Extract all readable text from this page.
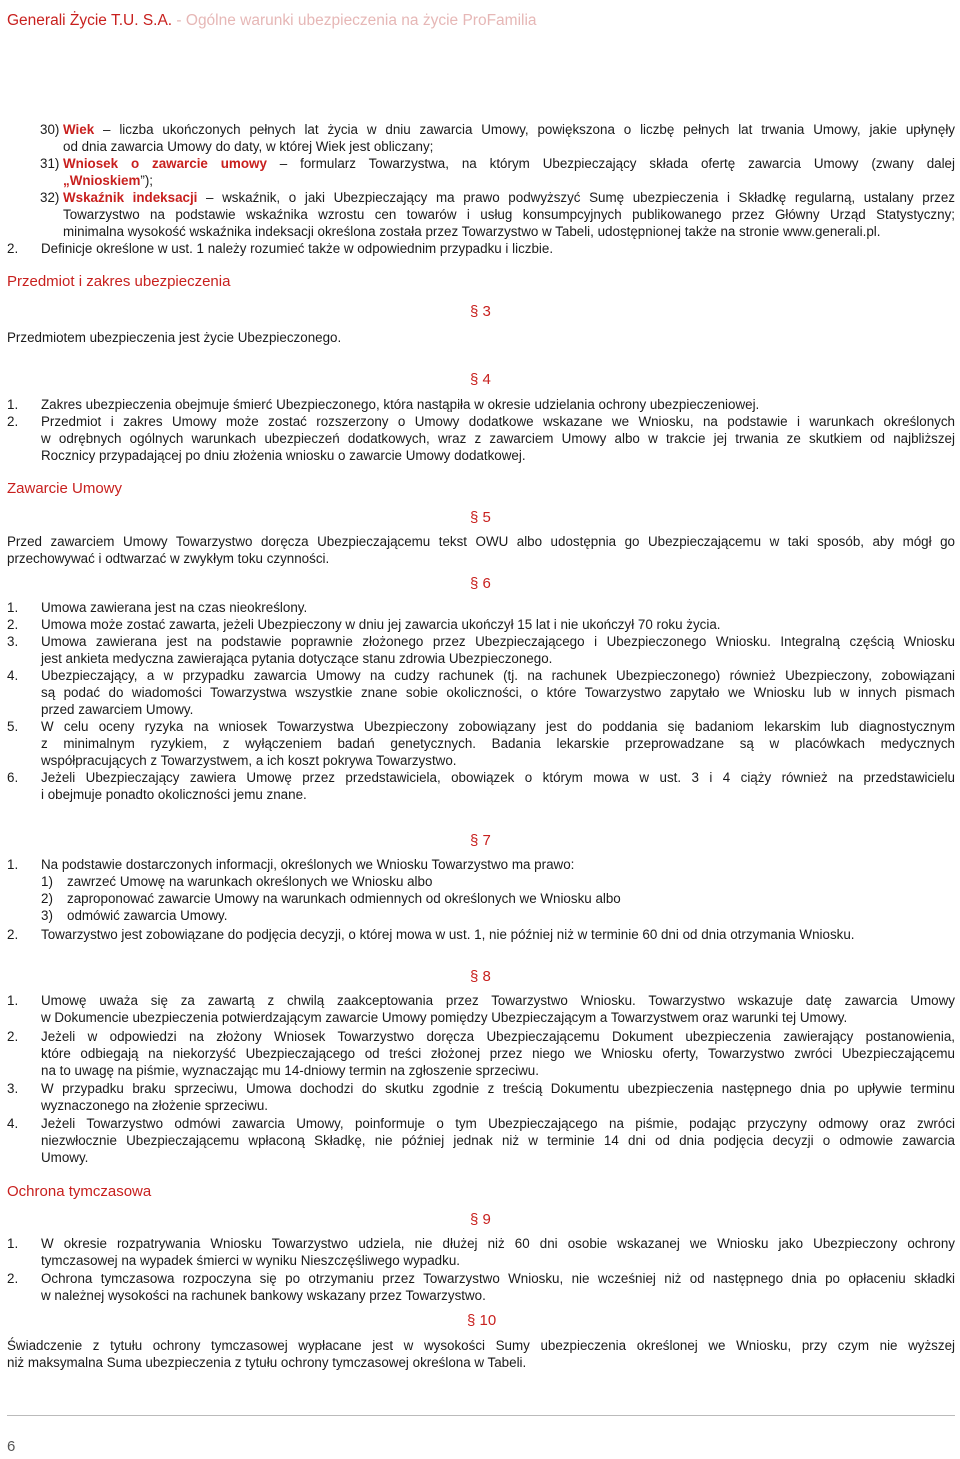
Generali Życie T.U. S.A. - Ogólne warunki ubezpieczenia na życie ProFamilia
30) Wiek – liczba ukończonych pełnych lat życia w dniu zawarcia Umowy, powiększona o liczbę pełnych lat trwania Umowy, jakie upłynęły
od dnia zawarcia Umowy do daty, w której Wiek jest obliczany;
31) Wniosek o zawarcie umowy – formularz Towarzystwa, na którym Ubezpieczający składa ofertę zawarcia Umowy (zwany dalej
„Wnioskiem”);
32) Wskaźnik indeksacji – wskaźnik, o jaki Ubezpieczający ma prawo podwyższyć Sumę ubezpieczenia i Składkę regularną, ustalany przez
Towarzystwo na podstawie wskaźnika wzrostu cen towarów i usług konsumpcyjnych publikowanego przez Główny Urząd Statystyczny;
minimalna wysokość wskaźnika indeksacji określona została przez Towarzystwo w Tabeli, udostępnionej także na stronie www.generali.pl.
2. Definicje określone w ust. 1 należy rozumieć także w odpowiednim przypadku i liczbie.
Przedmiot i zakres ubezpieczenia
§ 3
Przedmiotem ubezpieczenia jest życie Ubezpieczonego.
§ 4
1. Zakres ubezpieczenia obejmuje śmierć Ubezpieczonego, która nastąpiła w okresie udzielania ochrony ubezpieczeniowej.
2. Przedmiot i zakres Umowy może zostać rozszerzony o Umowy dodatkowe wskazane we Wniosku, na podstawie i warunkach określonych
w odrębnych ogólnych warunkach ubezpieczeń dodatkowych, wraz z zawarciem Umowy albo w trakcie jej trwania ze skutkiem od najbliższej
Rocznicy przypadającej po dniu złożenia wniosku o zawarcie Umowy dodatkowej.
Zawarcie Umowy
§ 5
Przed zawarciem Umowy Towarzystwo doręcza Ubezpieczającemu tekst OWU albo udostępnia go Ubezpieczającemu w taki sposób, aby mógł go
przechowywać i odtwarzać w zwykłym toku czynności.
§ 6
1. Umowa zawierana jest na czas nieokreślony.
2. Umowa może zostać zawarta, jeżeli Ubezpieczony w dniu jej zawarcia ukończył 15 lat i nie ukończył 70 roku życia.
3. Umowa zawierana jest na podstawie poprawnie złożonego przez Ubezpieczającego i Ubezpieczonego Wniosku. Integralną częścią Wniosku
jest ankieta medyczna zawierająca pytania dotyczące stanu zdrowia Ubezpieczonego.
4. Ubezpieczający, a w przypadku zawarcia Umowy na cudzy rachunek (tj. na rachunek Ubezpieczonego) również Ubezpieczony, zobowiązani
są podać do wiadomości Towarzystwa wszystkie znane sobie okoliczności, o które Towarzystwo zapytało we Wniosku lub w innych pismach
przed zawarciem Umowy.
5. W celu oceny ryzyka na wniosek Towarzystwa Ubezpieczony zobowiązany jest do poddania się badaniom lekarskim lub diagnostycznym
z minimalnym ryzykiem, z wyłączeniem badań genetycznych. Badania lekarskie przeprowadzane są w placówkach medycznych
współpracujących z Towarzystwem, a ich koszt pokrywa Towarzystwo.
6. Jeżeli Ubezpieczający zawiera Umowę przez przedstawiciela, obowiązek o którym mowa w ust. 3 i 4 ciąży również na przedstawicielu
i obejmuje ponadto okoliczności jemu znane.
§ 7
1. Na podstawie dostarczonych informacji, określonych we Wniosku Towarzystwo ma prawo:
1) zawrzeć Umowę na warunkach określonych we Wniosku albo
2) zaproponować zawarcie Umowy na warunkach odmiennych od określonych we Wniosku albo
3) odmówić zawarcia Umowy.
2. Towarzystwo jest zobowiązane do podjęcia decyzji, o której mowa w ust. 1, nie później niż w terminie 60 dni od dnia otrzymania Wniosku.
§ 8
1. Umowę uważa się za zawartą z chwilą zaakceptowania przez Towarzystwo Wniosku. Towarzystwo wskazuje datę zawarcia Umowy
w Dokumencie ubezpieczenia potwierdzającym zawarcie Umowy pomiędzy Ubezpieczającym a Towarzystwem oraz warunki tej Umowy.
2. Jeżeli w odpowiedzi na złożony Wniosek Towarzystwo doręcza Ubezpieczającemu Dokument ubezpieczenia zawierający postanowienia,
które odbiegają na niekorzyść Ubezpieczającego od treści złożonej przez niego we Wniosku oferty, Towarzystwo zwróci Ubezpieczającemu
na to uwagę na piśmie, wyznaczając mu 14-dniowy termin na zgłoszenie sprzeciwu.
3. W przypadku braku sprzeciwu, Umowa dochodzi do skutku zgodnie z treścią Dokumentu ubezpieczenia następnego dnia po upływie terminu
wyznaczonego na złożenie sprzeciwu.
4. Jeżeli Towarzystwo odmówi zawarcia Umowy, poinformuje o tym Ubezpieczającego na piśmie, podając przyczyny odmowy oraz zwróci
niezwłocznie Ubezpieczającemu wpłaconą Składkę, nie później jednak niż w terminie 14 dni od dnia podjęcia decyzji o odmowie zawarcia
Umowy.
Ochrona tymczasowa
§ 9
1. W okresie rozpatrywania Wniosku Towarzystwo udziela, nie dłużej niż 60 dni osobie wskazanej we Wniosku jako Ubezpieczony ochrony
tymczasowej na wypadek śmierci w wyniku Nieszczęśliwego wypadku.
2. Ochrona tymczasowa rozpoczyna się po otrzymaniu przez Towarzystwo Wniosku, nie wcześniej niż od następnego dnia po opłaceniu składki
w należnej wysokości na rachunek bankowy wskazany przez Towarzystwo.
§ 10
Świadczenie z tytułu ochrony tymczasowej wypłacane jest w wysokości Sumy ubezpieczenia określonej we Wniosku, przy czym nie wyższej
niż maksymalna Suma ubezpieczenia z tytułu ochrony tymczasowej określona w Tabeli.
6
